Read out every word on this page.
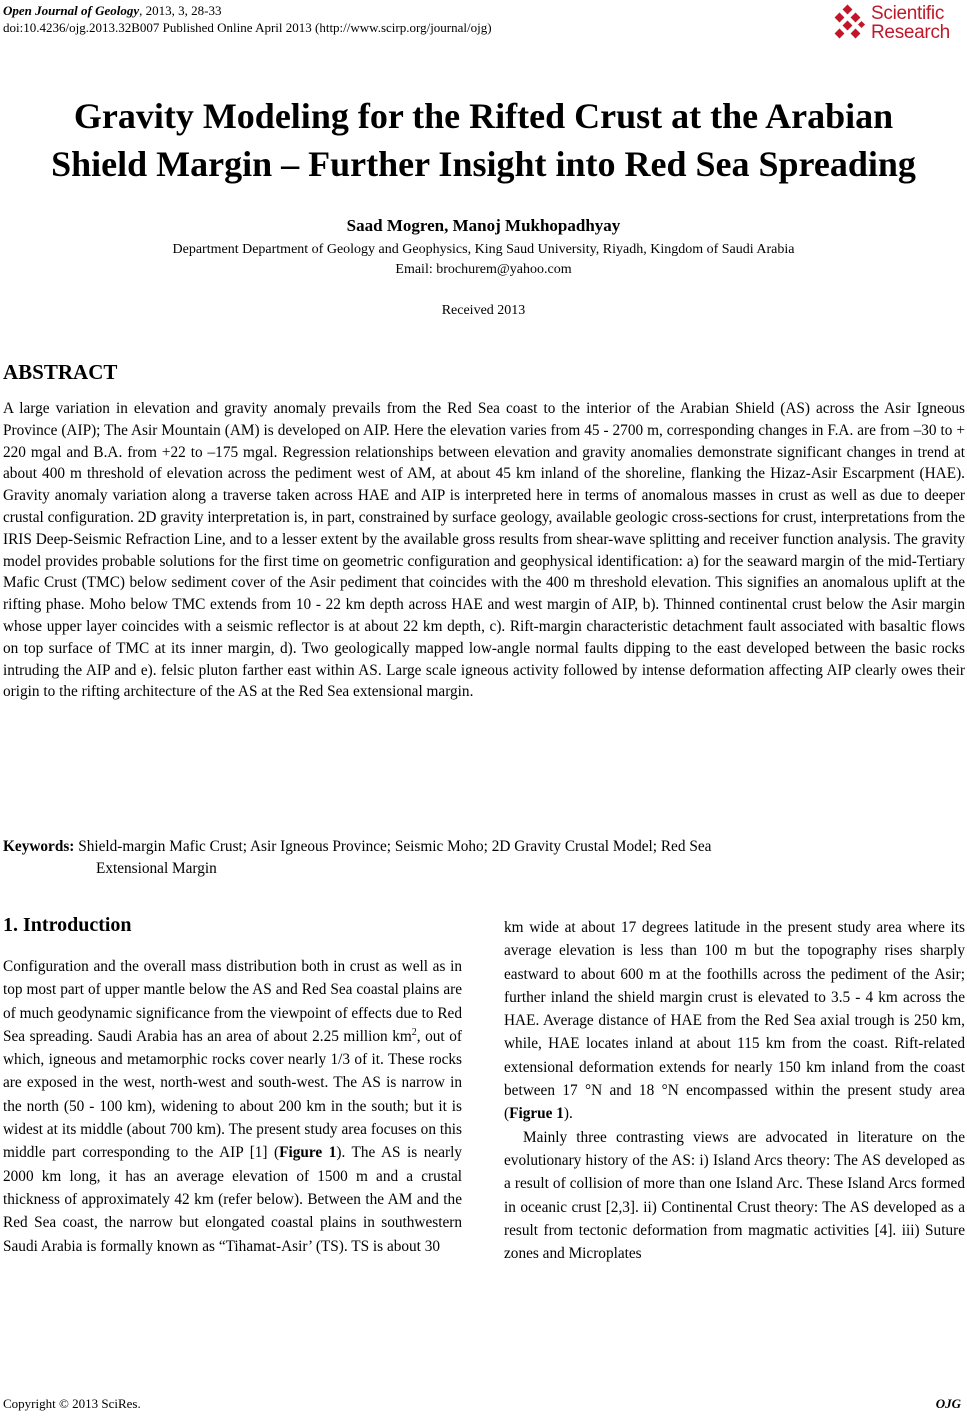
Open Journal of Geology, 2013, 3, 28-33
doi:10.4236/ojg.2013.32B007 Published Online April 2013 (http://www.scirp.org/journal/ojg)
Scientific
Research
Gravity Modeling for the Rifted Crust at the Arabian
Shield Margin – Further Insight into Red Sea Spreading
Saad Mogren, Manoj Mukhopadhyay
Department Department of Geology and Geophysics, King Saud University, Riyadh, Kingdom of Saudi Arabia
Email: brochurem@yahoo.com
Received 2013
ABSTRACT

A large variation in elevation and gravity anomaly prevails from the Red Sea coast to the interior of the Arabian Shield (AS) across the Asir Igneous Province (AIP); The Asir Mountain (AM) is developed on AIP. Here the elevation varies from 45 - 2700 m, corresponding changes in F.A. are from –30 to + 220 mgal and B.A. from +22 to –175 mgal. Regression relationships between elevation and gravity anomalies demonstrate significant changes in trend at about 400 m threshold of elevation across the pediment west of AM, at about 45 km inland of the shoreline, flanking the Hizaz-Asir Escarpment (HAE). Gravity anomaly variation along a traverse taken across HAE and AIP is interpreted here in terms of anomalous masses in crust as well as due to deeper crustal configuration. 2D gravity interpretation is, in part, constrained by surface geology, available geologic cross-sections for crust, interpretations from the IRIS Deep-Seismic Refraction Line, and to a lesser extent by the available gross results from shear-wave splitting and receiver function analysis. The gravity model provides probable solutions for the first time on geometric configuration and geophysical identification: a) for the seaward margin of the mid-Tertiary Mafic Crust (TMC) below sediment cover of the Asir pediment that coincides with the 400 m threshold elevation. This signifies an anomalous uplift at the rifting phase. Moho below TMC extends from 10 - 22 km depth across HAE and west margin of AIP, b). Thinned continental crust below the Asir margin whose upper layer coincides with a seismic reflector is at about 22 km depth, c). Rift-margin characteristic detachment fault associated with basaltic flows on top surface of TMC at its inner margin, d). Two geologically mapped low-angle normal faults dipping to the east developed between the basic rocks intruding the AIP and e). felsic pluton farther east within AS. Large scale igneous activity followed by intense deformation affecting AIP clearly owes their origin to the rifting architecture of the AS at the Red Sea extensional margin.

Keywords: Shield-margin Mafic Crust; Asir Igneous Province; Seismic Moho; 2D Gravity Crustal Model; Red Sea
Extensional Margin
1. Introduction

Configuration and the overall mass distribution both in crust as well as in top most part of upper mantle below the AS and Red Sea coastal plains are of much geodynamic significance from the viewpoint of effects due to Red Sea spreading. Saudi Arabia has an area of about 2.25 million $km^2$, out of which, igneous and metamorphic rocks cover nearly 1/3 of it. These rocks are exposed in the west, north-west and south-west. The AS is narrow in the north (50 - 100 km), widening to about 200 km in the south; but it is widest at its middle (about 700 km). The present study area focuses on this middle part corresponding to the AIP [1] (Figure 1). The AS is nearly 2000 km long, it has an average elevation of 1500 m and a crustal thickness of approximately 42 km (refer below). Between the AM and the Red Sea coast, the narrow but elongated coastal plains in southwestern Saudi Arabia is formally known as “Tihamat-Asir’ (TS). TS is about 30

km wide at about 17 degrees latitude in the present study area where its average elevation is less than 100 m but the topography rises sharply eastward to about 600 m at the foothills across the pediment of the Asir; further inland the shield margin crust is elevated to 3.5 - 4 km across the HAE. Average distance of HAE from the Red Sea axial trough is 250 km, while, HAE locates inland at about 115 km from the coast. Rift-related extensional deformation extends for nearly 150 km inland from the coast between 17 °N and 18 °N encompassed within the present study area (Figrue 1).

Mainly three contrasting views are advocated in literature on the evolutionary history of the AS: i) Island Arcs theory: The AS developed as a result of collision of more than one Island Arc. These Island Arcs formed in oceanic crust [2,3]. ii) Continental Crust theory: The AS developed as a result from tectonic deformation from magmatic activities [4]. iii) Suture zones and Microplates

Copyright © 2013 SciRes.	OJG
